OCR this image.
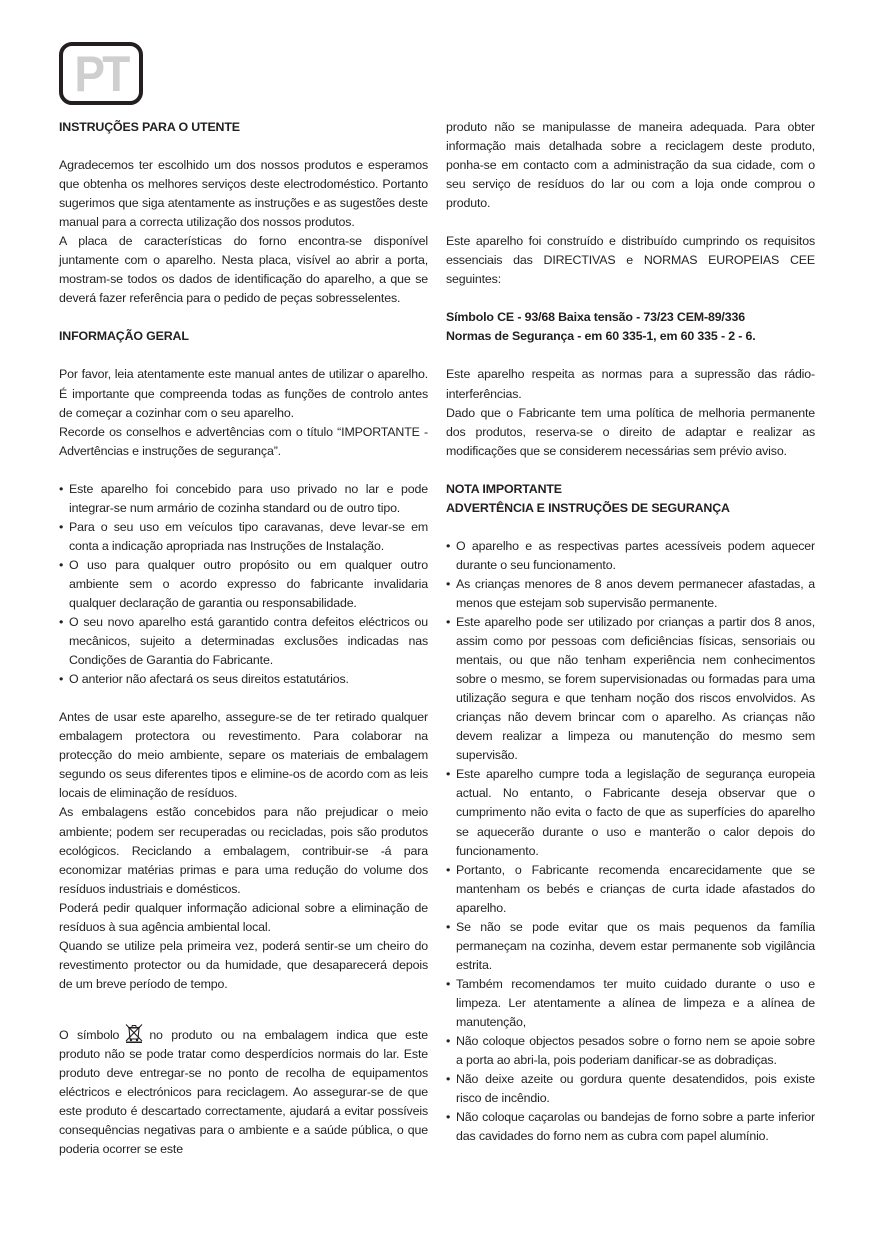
PT
INSTRUÇÕES PARA O UTENTE

Agradecemos ter escolhido um dos nossos produtos e esperamos que obtenha os melhores serviços deste electrodoméstico. Portanto sugerimos que siga atentamente as instruções e as sugestões deste manual para a correcta utilização dos nossos produtos.

A placa de características do forno encontra-se disponível juntamente com o aparelho. Nesta placa, visível ao abrir a porta, mostram-se todos os dados de identificação do aparelho, a que se deverá fazer referência para o pedido de peças sobresselentes.

INFORMAÇÃO GERAL

Por favor, leia atentamente este manual antes de utilizar o aparelho. É importante que compreenda todas as funções de controlo antes de começar a cozinhar com o seu aparelho.

Recorde os conselhos e advertências com o título “IMPORTANTE - Advertências e instruções de segurança”.

• Este aparelho foi concebido para uso privado no lar e pode integrar-se num armário de cozinha standard ou de outro tipo.
• Para o seu uso em veículos tipo caravanas, deve levar-se em conta a indicação apropriada nas Instruções de Instalação.
• O uso para qualquer outro propósito ou em qualquer outro ambiente sem o acordo expresso do fabricante invalidaria qualquer declaração de garantia ou responsabilidade.
• O seu novo aparelho está garantido contra defeitos eléctricos ou mecânicos, sujeito a determinadas exclusões indicadas nas Condições de Garantia do Fabricante.
• O anterior não afectará os seus direitos estatutários.

Antes de usar este aparelho, assegure-se de ter retirado qualquer embalagem protectora ou revestimento. Para colaborar na protecção do meio ambiente, separe os materiais de embalagem segundo os seus diferentes tipos e elimine-os de acordo com as leis locais de eliminação de resíduos.

As embalagens estão concebidos para não prejudicar o meio ambiente; podem ser recuperadas ou recicladas, pois são produtos ecológicos. Reciclando a embalagem, contribuir-se -á para economizar matérias primas e para uma redução do volume dos resíduos industriais e domésticos.

Poderá pedir qualquer informação adicional sobre a eliminação de resíduos à sua agência ambiental local.

Quando se utilize pela primeira vez, poderá sentir-se um cheiro do revestimento protector ou da humidade, que desaparecerá depois de um breve período de tempo.

O símbolo no produto ou na embalagem indica que este produto não se pode tratar como desperdícios normais do lar. Este produto deve entregar-se no ponto de recolha de equipamentos eléctricos e electrónicos para reciclagem. Ao assegurar-se de que este produto é descartado correctamente, ajudará a evitar possíveis consequências negativas para o ambiente e a saúde pública, o que poderia ocorrer se este

produto não se manipulasse de maneira adequada. Para obter informação mais detalhada sobre a reciclagem deste produto, ponha-se em contacto com a administração da sua cidade, com o seu serviço de resíduos do lar ou com a loja onde comprou o produto.

Este aparelho foi construído e distribuído cumprindo os requisitos essenciais das DIRECTIVAS e NORMAS EUROPEIAS CEE seguintes:

Símbolo CE - 93/68 Baixa tensão - 73/23 CEM-89/336

Normas de Segurança - em 60 335-1, em 60 335 - 2 - 6.

Este aparelho respeita as normas para a supressão das rádio-interferências.

Dado que o Fabricante tem uma política de melhoria permanente dos produtos, reserva-se o direito de adaptar e realizar as modificações que se considerem necessárias sem prévio aviso.

NOTA IMPORTANTE
ADVERTÊNCIA E INSTRUÇÕES DE SEGURANÇA
• O aparelho e as respectivas partes acessíveis podem aquecer durante o seu funcionamento.
• As crianças menores de 8 anos devem permanecer afastadas, a menos que estejam sob supervisão permanente.
• Este aparelho pode ser utilizado por crianças a partir dos 8 anos, assim como por pessoas com deficiências físicas, sensoriais ou mentais, ou que não tenham experiência nem conhecimentos sobre o mesmo, se forem supervisionadas ou formadas para uma utilização segura e que tenham noção dos riscos envolvidos. As crianças não devem brincar com o aparelho. As crianças não devem realizar a limpeza ou manutenção do mesmo sem supervisão.
• Este aparelho cumpre toda a legislação de segurança europeia actual. No entanto, o Fabricante deseja observar que o cumprimento não evita o facto de que as superfícies do aparelho se aquecerão durante o uso e manterão o calor depois do funcionamento.
• Portanto, o Fabricante recomenda encarecidamente que se mantenham os bebés e crianças de curta idade afastados do aparelho.
• Se não se pode evitar que os mais pequenos da família permaneçam na cozinha, devem estar permanente sob vigilância estrita.
• Também recomendamos ter muito cuidado durante o uso e limpeza. Ler atentamente a alínea de limpeza e a alínea de manutenção,
• Não coloque objectos pesados sobre o forno nem se apoie sobre a porta ao abri-la, pois poderiam danificar-se as dobradiças.
• Não deixe azeite ou gordura quente desatendidos, pois existe risco de incêndio.
• Não coloque caçarolas ou bandejas de forno sobre a parte inferior das cavidades do forno nem as cubra com papel alumínio.
